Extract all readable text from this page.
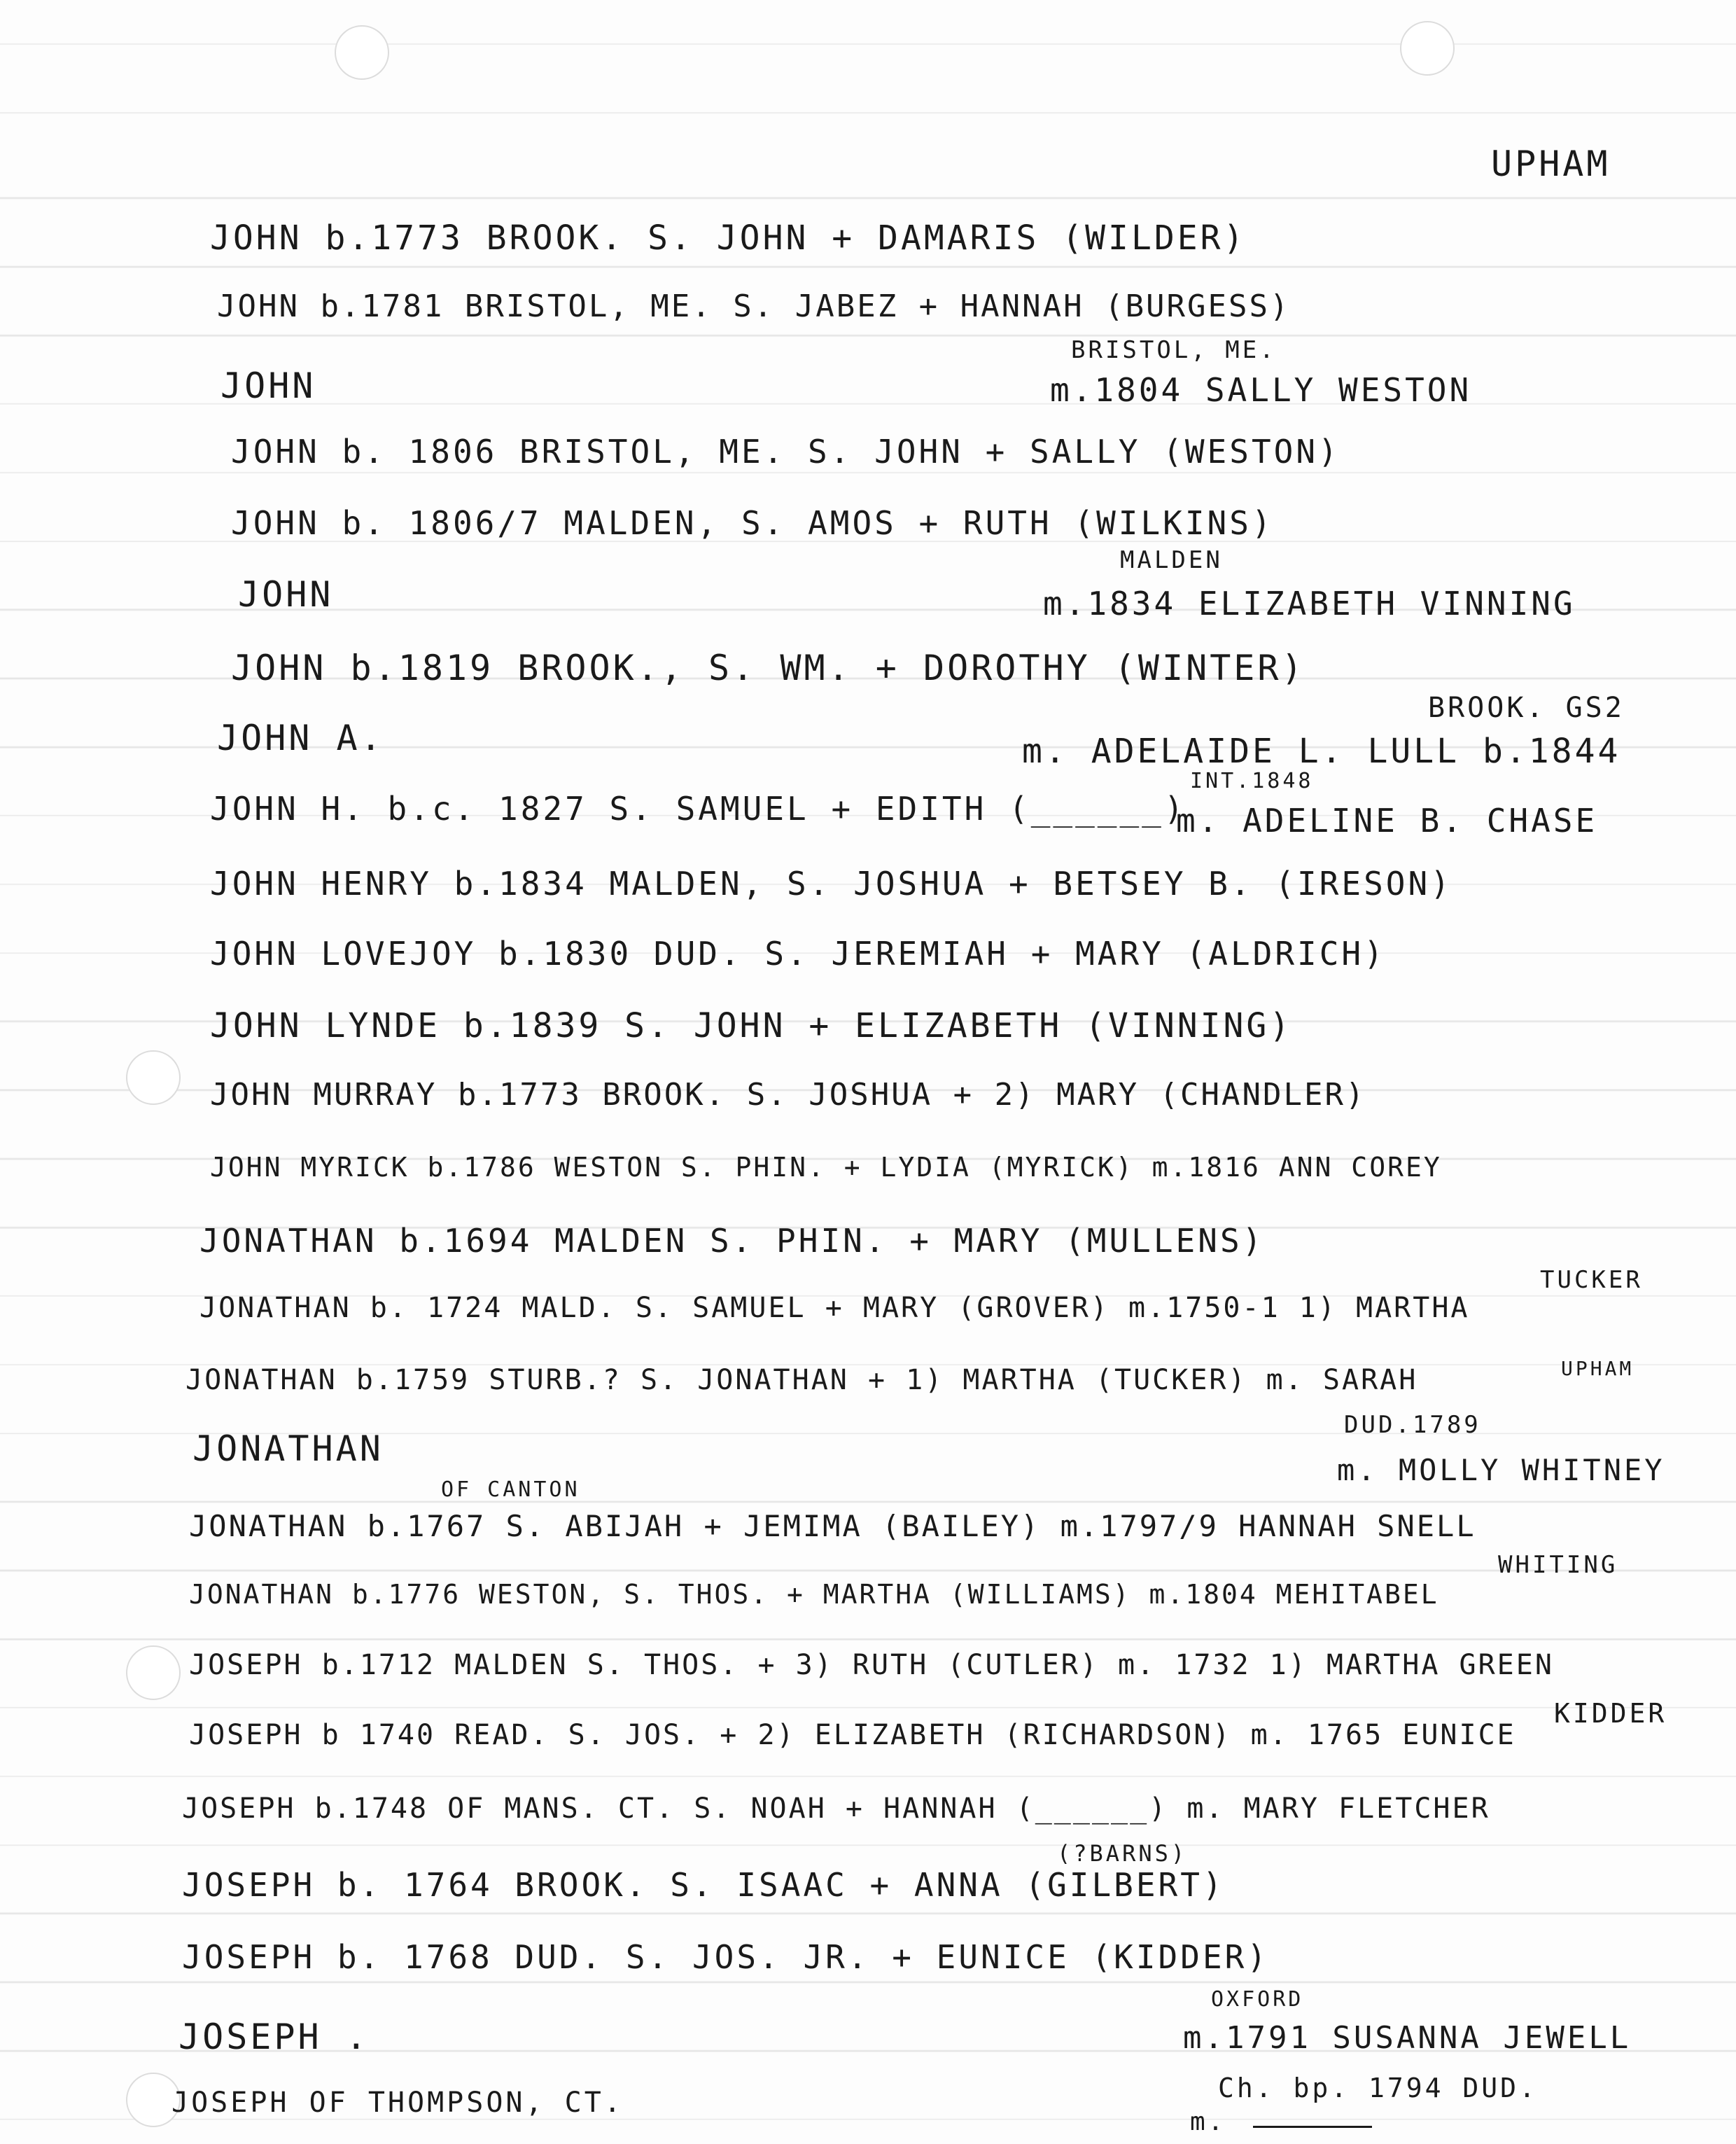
UPHAM
JOHN b.1773 BROOK. S. JOHN + DAMARIS (WILDER)
JOHN b.1781 BRISTOL, ME. S. JABEZ + HANNAH (BURGESS)
JOHN
BRISTOL, ME.
m.1804 SALLY WESTON
JOHN b. 1806 BRISTOL, ME. S. JOHN + SALLY (WESTON)
JOHN b. 1806/7 MALDEN, S. AMOS + RUTH (WILKINS)
JOHN
MALDEN
m.1834 ELIZABETH VINNING
JOHN b.1819 BROOK., S. WM. + DOROTHY (WINTER)
JOHN A.
BROOK. GS2
m. ADELAIDE L. LULL b.1844
JOHN H. b.c. 1827 S. SAMUEL + EDITH (______)
INT.1848
m. ADELINE B. CHASE
JOHN HENRY b.1834 MALDEN, S. JOSHUA + BETSEY B. (IRESON)
JOHN LOVEJOY b.1830 DUD. S. JEREMIAH + MARY (ALDRICH)
JOHN LYNDE b.1839 S. JOHN + ELIZABETH (VINNING)
JOHN MURRAY b.1773 BROOK. S. JOSHUA + 2) MARY (CHANDLER)
JOHN MYRICK b.1786 WESTON S. PHIN. + LYDIA (MYRICK) m.1816 ANN COREY
JONATHAN b.1694 MALDEN S. PHIN. + MARY (MULLENS)
JONATHAN b. 1724 MALD. S. SAMUEL + MARY (GROVER) m.1750-1 1) MARTHA
TUCKER
JONATHAN b.1759 STURB.? S. JONATHAN + 1) MARTHA (TUCKER) m. SARAH	UPHAM
JONATHAN
DUD.1789
m. MOLLY WHITNEY
JONATHAN b.1767 S. ABIJAH + JEMIMA (BAILEY) m.1797/9 HANNAH SNELL
OF CANTON
JONATHAN b.1776 WESTON, S. THOS. + MARTHA (WILLIAMS) m.1804 MEHITABEL
WHITING
JOSEPH b.1712 MALDEN S. THOS. + 3) RUTH (CUTLER) m. 1732 1) MARTHA GREEN
JOSEPH b 1740 READ. S. JOS. + 2) ELIZABETH (RICHARDSON) m. 1765 EUNICE
KIDDER
JOSEPH b.1748 OF MANS. CT. S. NOAH + HANNAH (______) m. MARY FLETCHER
JOSEPH b. 1764 BROOK. S. ISAAC + ANNA (GILBERT)
(?BARNS)
JOSEPH b. 1768 DUD. S. JOS. JR. + EUNICE (KIDDER)
JOSEPH .
OXFORD
m.1791 SUSANNA JEWELL
JOSEPH OF THOMPSON, CT.	Ch. bp. 1794 DUD.
m.
